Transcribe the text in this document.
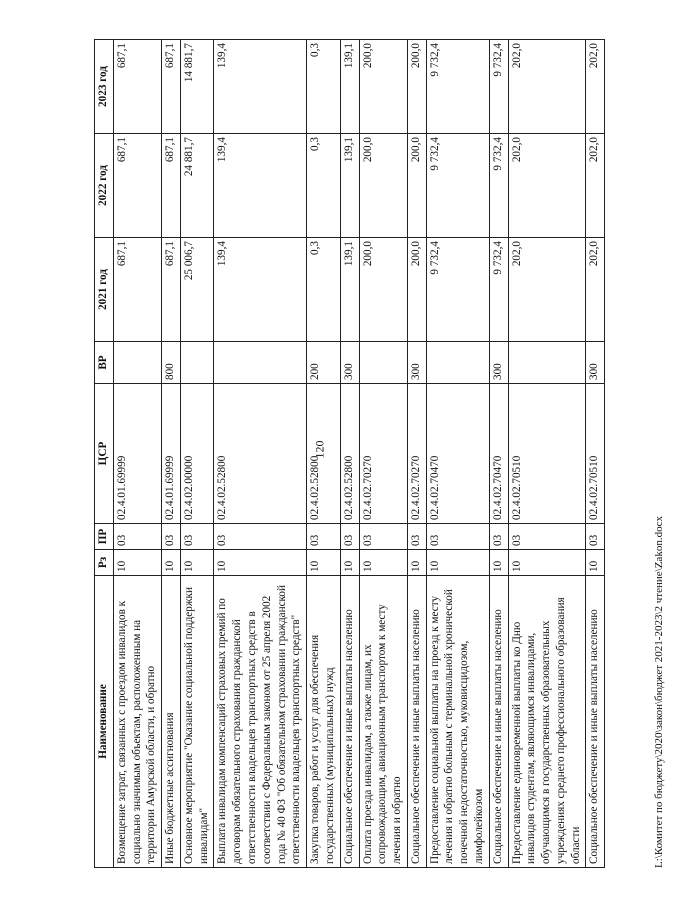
120
Наименование	Рз	ПР	ЦСР	ВР	2021 год	2022 год	2023 год
Возмещение затрат, связанных с проездом инвалидов к социально значимым объектам, расположенным на территории Амурской области, и обратно	10	03	02.4.01.69999		687,1	687,1	687,1
Иные бюджетные ассигнования	10	03	02.4.01.69999	800	687,1	687,1	687,1
Основное мероприятие "Оказание социальной поддержки инвалидам"	10	03	02.4.02.00000		25 006,7	24 881,7	14 881,7
Выплата инвалидам компенсаций страховых премий по договорам обязательного страхования гражданской ответственности владельцев транспортных средств в соответствии с Федеральным законом от 25 апреля 2002 года № 40 ФЗ "Об обязательном страховании гражданской ответственности владельцев транспортных средств"	10	03	02.4.02.52800		139,4	139,4	139,4
Закупка товаров, работ и услуг для обеспечения государственных (муниципальных) нужд	10	03	02.4.02.52800	200	0,3	0,3	0,3
Социальное обеспечение и иные выплаты населению	10	03	02.4.02.52800	300	139,1	139,1	139,1
Оплата проезда инвалидам, а также лицам, их сопровождающим, авиационным транспортом к месту лечения и обратно	10	03	02.4.02.70270		200,0	200,0	200,0
Социальное обеспечение и иные выплаты населению	10	03	02.4.02.70270	300	200,0	200,0	200,0
Предоставление социальной выплаты на проезд к месту лечения и обратно больным с терминальной хронической почечной недостаточностью, муковисцидозом, лимфолейкозом	10	03	02.4.02.70470		9 732,4	9 732,4	9 732,4
Социальное обеспечение и иные выплаты населению	10	03	02.4.02.70470	300	9 732,4	9 732,4	9 732,4
Предоставление единовременной выплаты ко Дню инвалидов студентам, являющимся инвалидами, обучающимся в государственных образовательных учреждениях среднего профессионального образования области	10	03	02.4.02.70510		202,0	202,0	202,0
Социальное обеспечение и иные выплаты населению	10	03	02.4.02.70510	300	202,0	202,0	202,0
L:\Комитет по бюджету\2020\закон\бюджет 2021-2023\2 чтение\Zakon.docx
